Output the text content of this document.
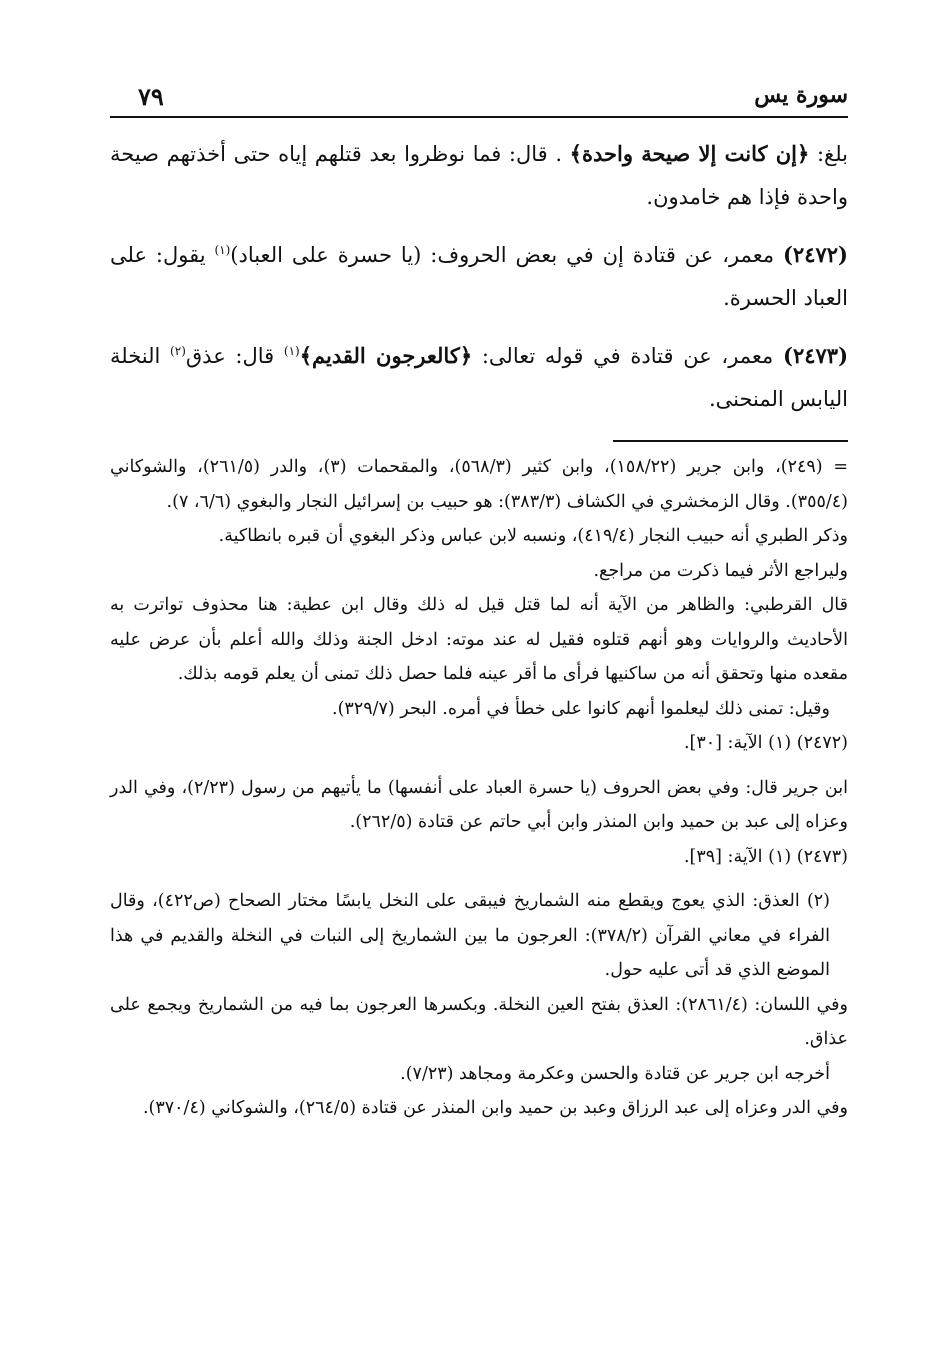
سورة يس
٧٩

بلغ: ﴿إن كانت إلا صيحة واحدة﴾ . قال: فما نوظروا بعد قتلهم إياه حتى أخذتهم صيحة واحدة فإذا هم خامدون.

(٢٤٧٢) معمر، عن قتادة إن في بعض الحروف: (يا حسرة على العباد)$^{(١)}$ يقول: على العباد الحسرة.

(٢٤٧٣) معمر، عن قتادة في قوله تعالى: ﴿كالعرجون القديم﴾$^{(١)}$ قال: عذق$^{(٢)}$ النخلة اليابس المنحنى.

= (٢٤٩)، وابن جرير (١٥٨/٢٢)، وابن كثير (٥٦٨/٣)، والمقحمات (٣)، والدر (٢٦١/٥)، والشوكاني (٣٥٥/٤). وقال الزمخشري في الكشاف (٣٨٣/٣): هو حبيب بن إسرائيل النجار والبغوي (٦/٦، ٧).

وذكر الطبري أنه حبيب النجار (٤١٩/٤)، ونسبه لابن عباس وذكر البغوي أن قبره بانطاكية.

وليراجع الأثر فيما ذكرت من مراجع.

قال القرطبي: والظاهر من الآية أنه لما قتل قيل له ذلك وقال ابن عطية: هنا محذوف تواترت به الأحاديث والروايات وهو أنهم قتلوه فقيل له عند موته: ادخل الجنة وذلك والله أعلم بأن عرض عليه مقعده منها وتحقق أنه من ساكنيها فرأى ما أقر عينه فلما حصل ذلك تمنى أن يعلم قومه بذلك.

وقيل: تمنى ذلك ليعلموا أنهم كانوا على خطأ في أمره. البحر (٣٢٩/٧).

(٢٤٧٢) (١) الآية: [٣٠].

ابن جرير قال: وفي بعض الحروف (يا حسرة العباد على أنفسها) ما يأتيهم من رسول (٢/٢٣)، وفي الدر وعزاه إلى عبد بن حميد وابن المنذر وابن أبي حاتم عن قتادة (٢٦٢/٥).

(٢٤٧٣) (١) الآية: [٣٩].

(٢) العذق: الذي يعوج ويقطع منه الشماريخ فيبقى على النخل يابسًا مختار الصحاح (ص٤٢٢)، وقال الفراء في معاني القرآن (٣٧٨/٢): العرجون ما بين الشماريخ إلى النبات في النخلة والقديم في هذا الموضع الذي قد أتى عليه حول.

وفي اللسان: (٢٨٦١/٤): العذق بفتح العين النخلة. وبكسرها العرجون بما فيه من الشماريخ ويجمع على عذاق.

أخرجه ابن جرير عن قتادة والحسن وعكرمة ومجاهد (٧/٢٣).

وفي الدر وعزاه إلى عبد الرزاق وعبد بن حميد وابن المنذر عن قتادة (٢٦٤/٥)، والشوكاني (٣٧٠/٤).
